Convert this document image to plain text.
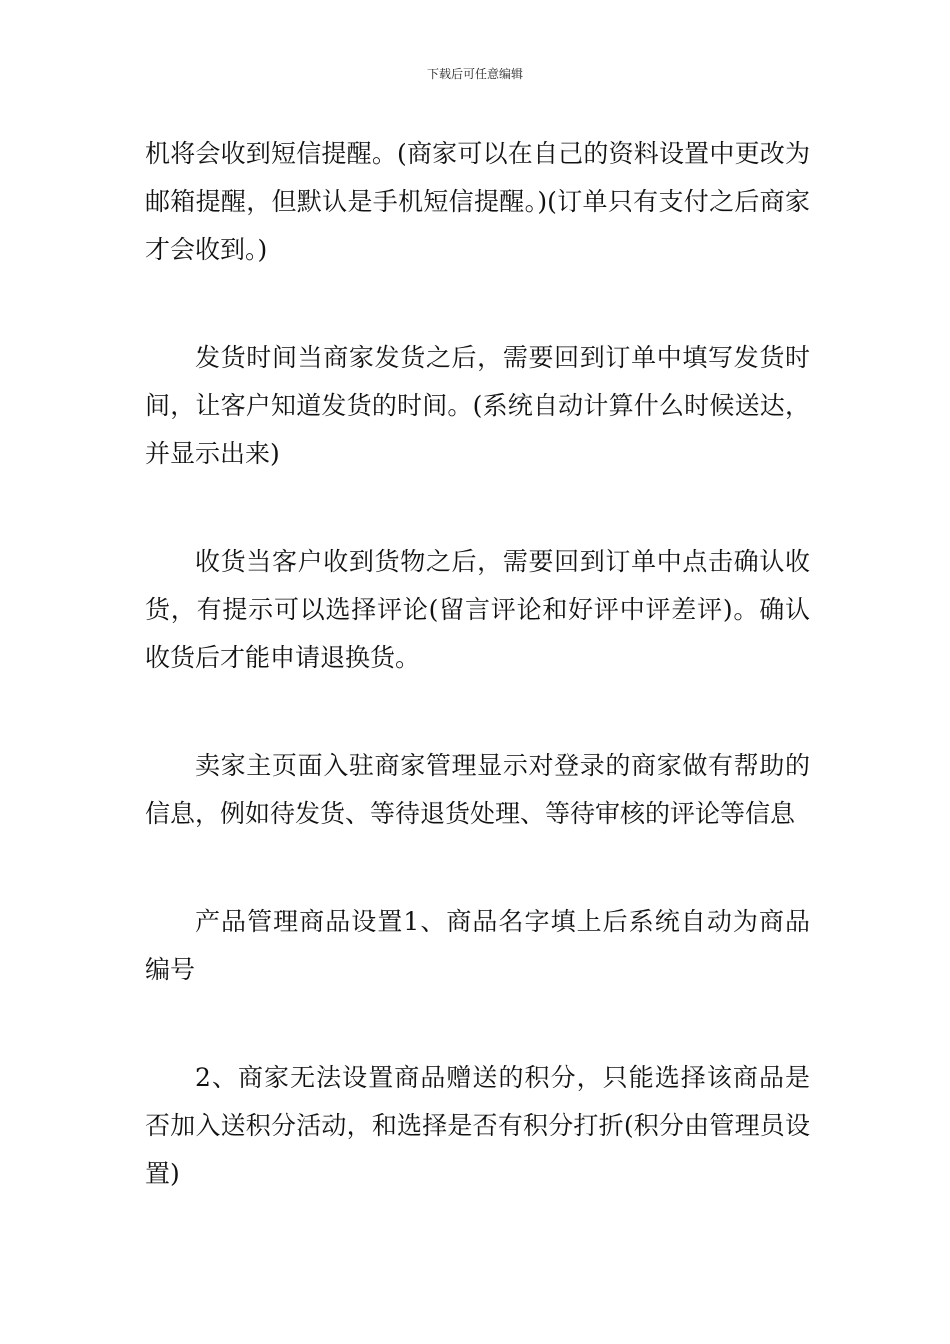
下载后可任意编辑

机将会收到短信提醒。(商家可以在自己的资料设置中更改为邮箱提醒，但默认是手机短信提醒。)(订单只有支付之后商家才会收到。)

发货时间当商家发货之后，需要回到订单中填写发货时间，让客户知道发货的时间。(系统自动计算什么时候送达，并显示出来)

收货当客户收到货物之后，需要回到订单中点击确认收货，有提示可以选择评论(留言评论和好评中评差评)。确认收货后才能申请退换货。

卖家主页面入驻商家管理显示对登录的商家做有帮助的信息，例如待发货、等待退货处理、等待审核的评论等信息

产品管理商品设置1、商品名字填上后系统自动为商品编号

2、商家无法设置商品赠送的积分，只能选择该商品是否加入送积分活动，和选择是否有积分打折(积分由管理员设置)
